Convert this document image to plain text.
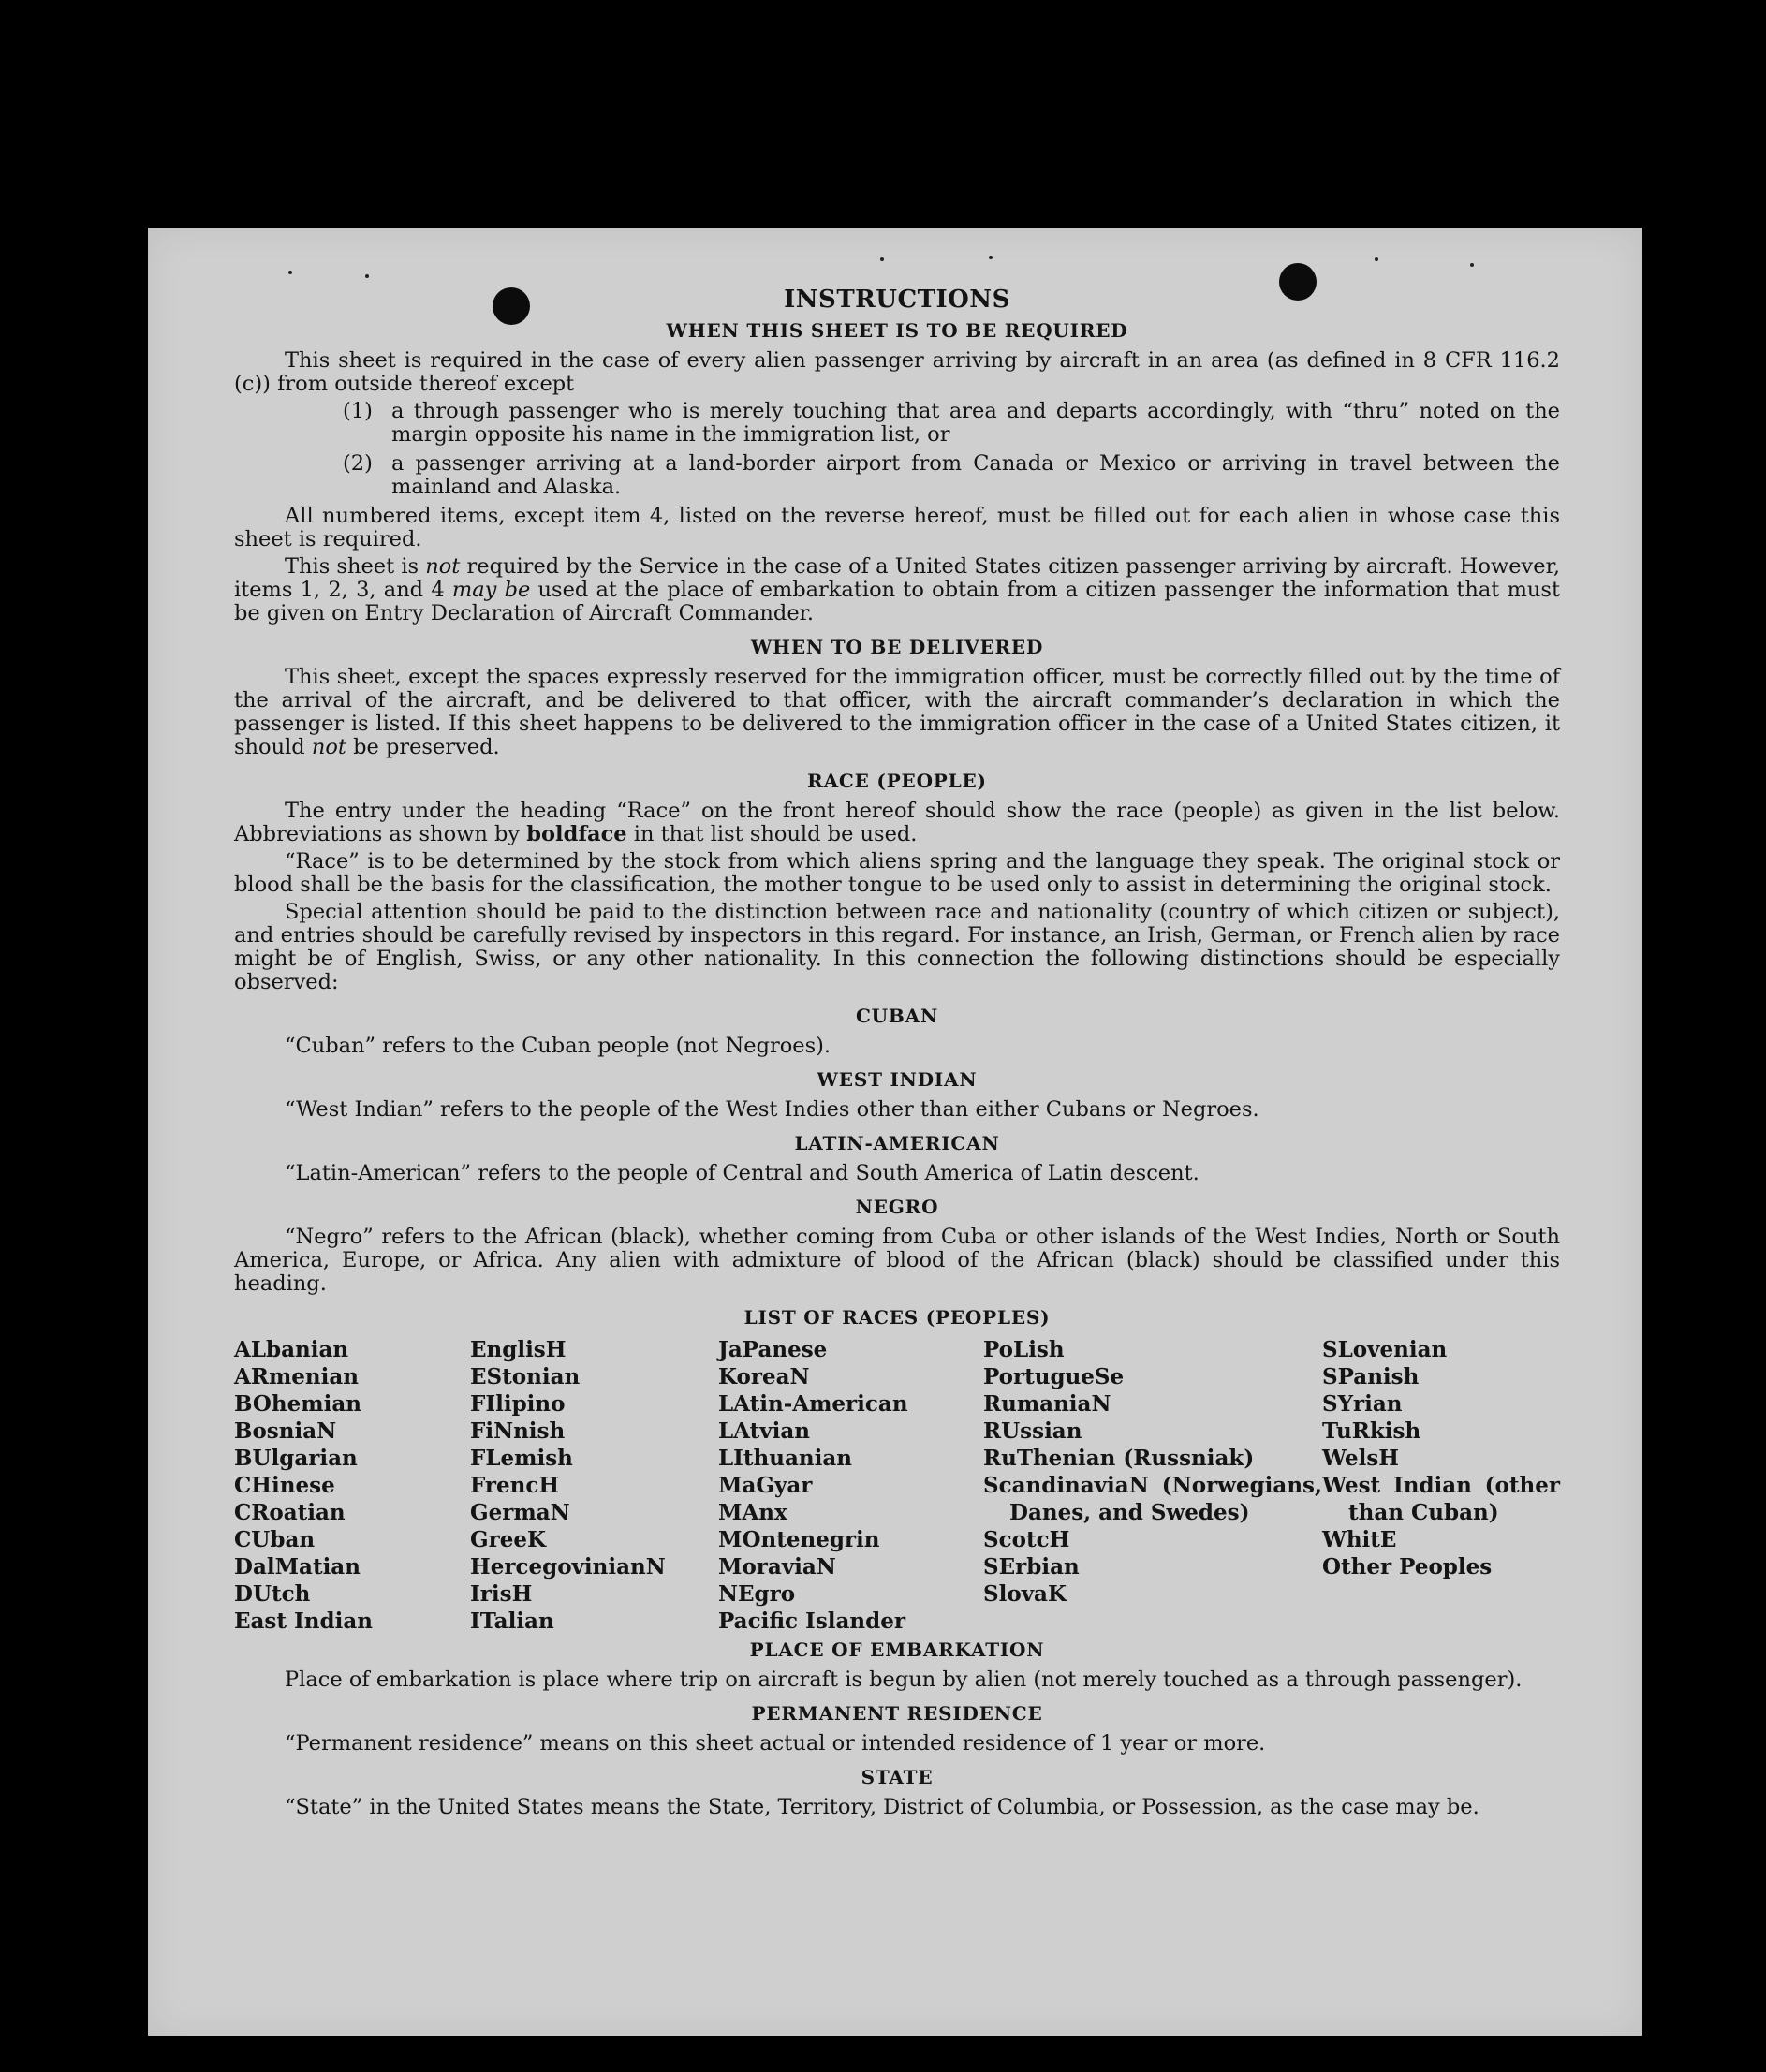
INSTRUCTIONS
WHEN THIS SHEET IS TO BE REQUIRED
This sheet is required in the case of every alien passenger arriving by aircraft in an area (as defined in 8 CFR 116.2 (c)) from outside thereof except
(1) a through passenger who is merely touching that area and departs accordingly, with “thru” noted on the margin opposite his name in the immigration list, or
(2) a passenger arriving at a land-border airport from Canada or Mexico or arriving in travel between the mainland and Alaska.
All numbered items, except item 4, listed on the reverse hereof, must be filled out for each alien in whose case this sheet is required.
This sheet is not required by the Service in the case of a United States citizen passenger arriving by aircraft. However, items 1, 2, 3, and 4 may be used at the place of embarkation to obtain from a citizen passenger the information that must be given on Entry Declaration of Aircraft Commander.
WHEN TO BE DELIVERED
This sheet, except the spaces expressly reserved for the immigration officer, must be correctly filled out by the time of the arrival of the aircraft, and be delivered to that officer, with the aircraft commander’s declaration in which the passenger is listed. If this sheet happens to be delivered to the immigration officer in the case of a United States citizen, it should not be preserved.
RACE (PEOPLE)
The entry under the heading “Race” on the front hereof should show the race (people) as given in the list below. Abbreviations as shown by boldface in that list should be used.
“Race” is to be determined by the stock from which aliens spring and the language they speak. The original stock or blood shall be the basis for the classification, the mother tongue to be used only to assist in determining the original stock.
Special attention should be paid to the distinction between race and nationality (country of which citizen or subject), and entries should be carefully revised by inspectors in this regard. For instance, an Irish, German, or French alien by race might be of English, Swiss, or any other nationality. In this connection the following distinctions should be especially observed:
CUBAN
“Cuban” refers to the Cuban people (not Negroes).
WEST INDIAN
“West Indian” refers to the people of the West Indies other than either Cubans or Negroes.
LATIN-AMERICAN
“Latin-American” refers to the people of Central and South America of Latin descent.
NEGRO
“Negro” refers to the African (black), whether coming from Cuba or other islands of the West Indies, North or South America, Europe, or Africa. Any alien with admixture of blood of the African (black) should be classified under this heading.
LIST OF RACES (PEOPLES)
ALbanian
ARmenian
BOhemian
BosniaN
BUlgarian
CHinese
CRoatian
CUban
DalMatian
DUtch
East Indian
EnglisH
EStonian
FIlipino
FiNnish
FLemish
FrencH
GermaN
GreeK
HercegovinianN
IrisH
ITalian
JaPanese
KoreaN
LAtin-American
LAtvian
LIthuanian
MaGyar
MAnx
MOntenegrin
MoraviaN
NEgro
Pacific Islander
PoLish
PortugueSe
RumaniaN
RUssian
RuThenian (Russniak)
ScandinaviaN (Norwegians, Danes, and Swedes)
ScotcH
SErbian
SlovaK
SLovenian
SPanish
SYrian
TuRkish
WelsH
West Indian (other than Cuban)
WhitE
Other Peoples
PLACE OF EMBARKATION
Place of embarkation is place where trip on aircraft is begun by alien (not merely touched as a through passenger).
PERMANENT RESIDENCE
“Permanent residence” means on this sheet actual or intended residence of 1 year or more.
STATE
“State” in the United States means the State, Territory, District of Columbia, or Possession, as the case may be.
